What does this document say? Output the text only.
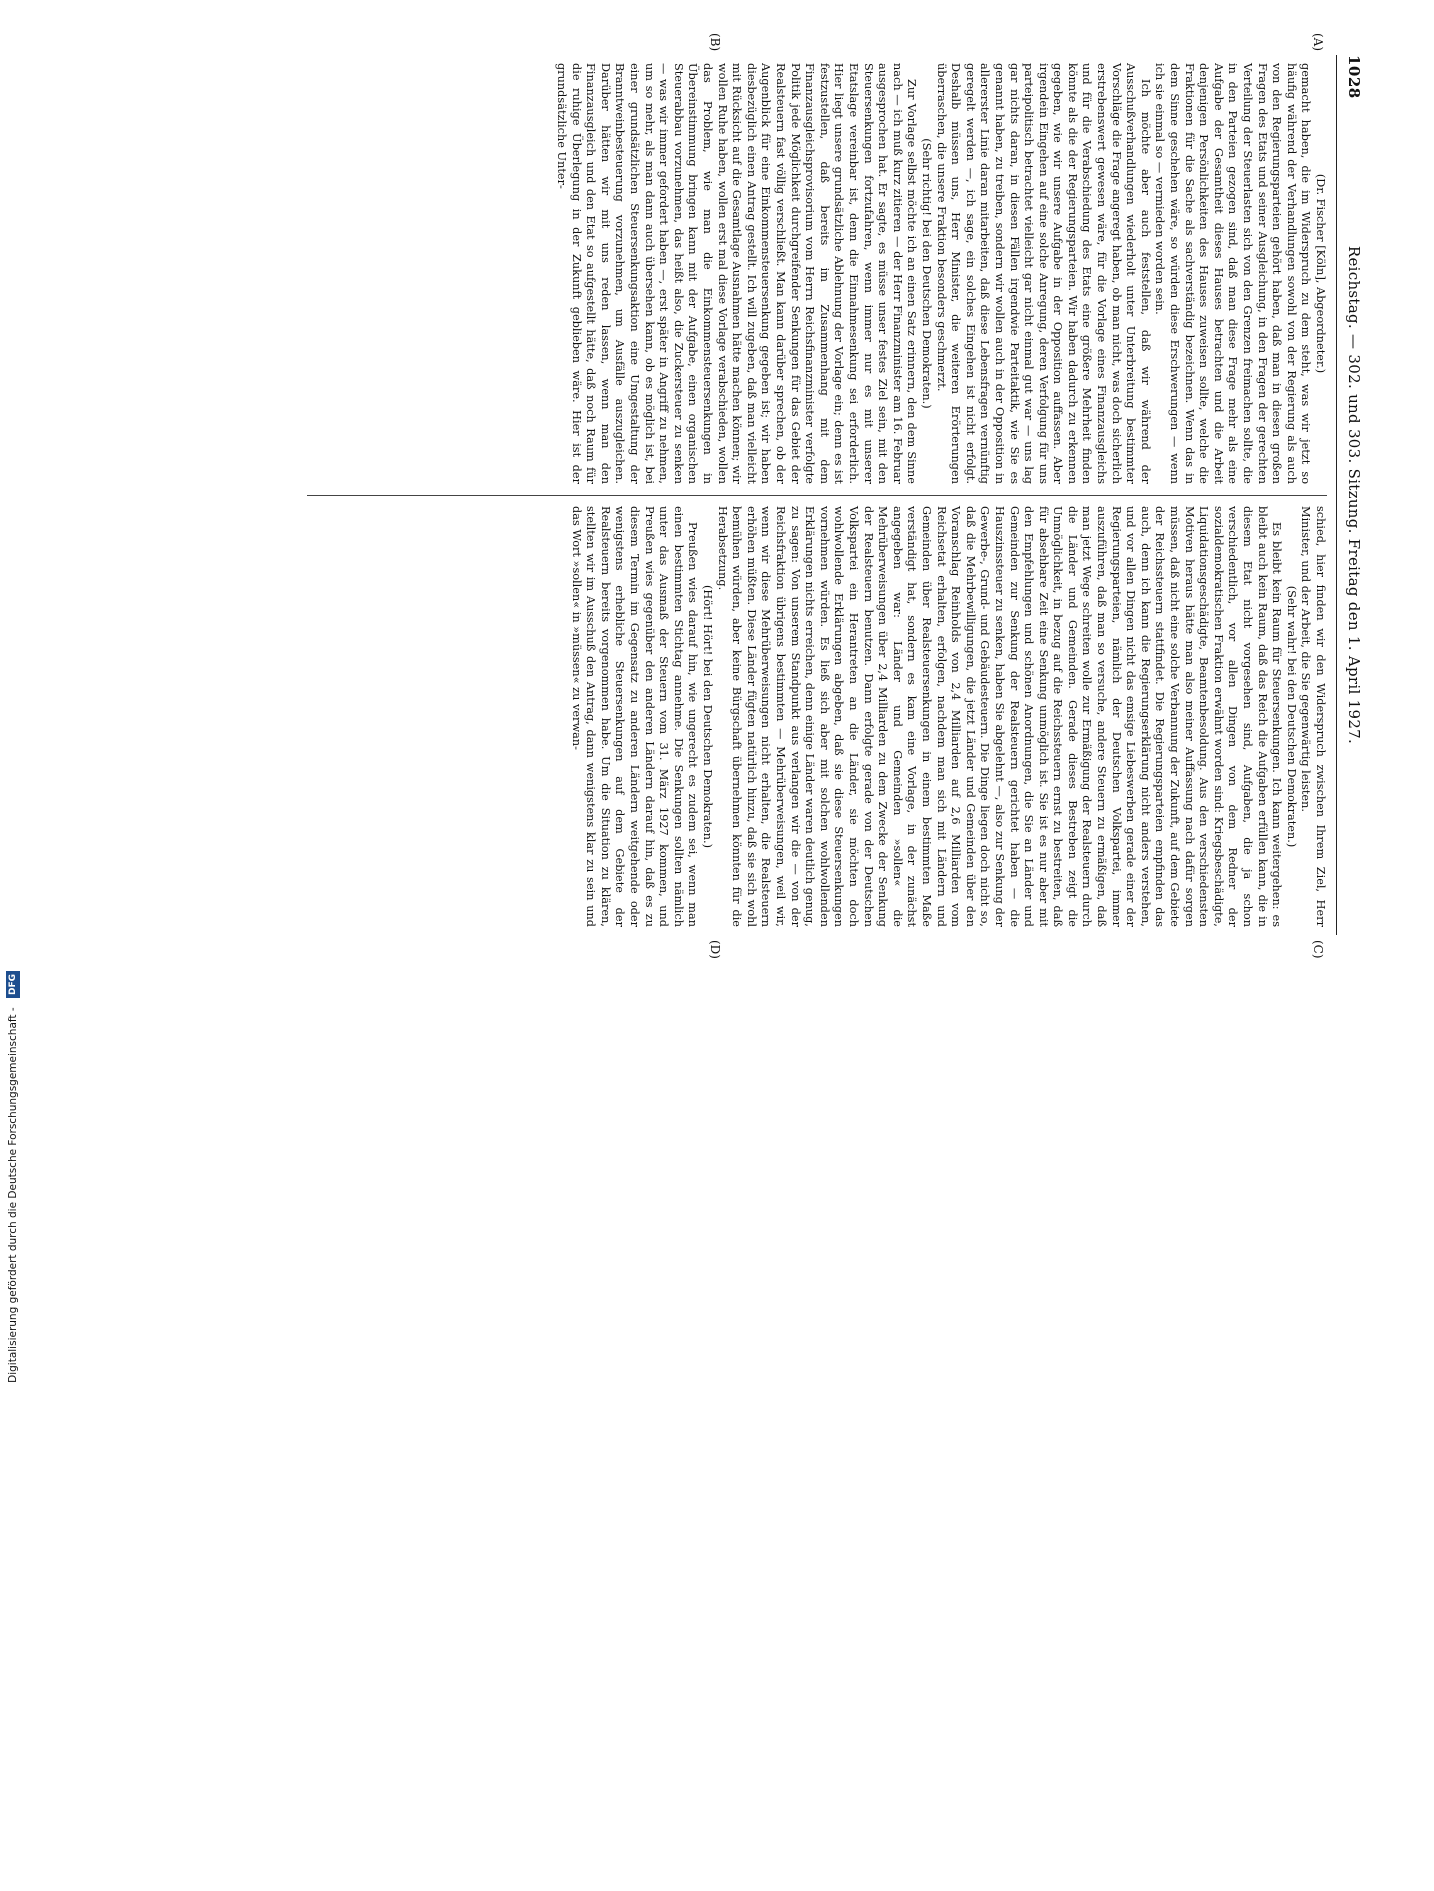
1028
Reichstag. — 302. und 303. Sitzung. Freitag den 1. April 1927.
(A)
(B)
(C)
(D)

(Dr. Fischer [Köln], Abgeordneter.)

gemacht haben, die im Widerspruch zu dem steht, was wir jetzt so häufig während der Verhandlungen sowohl von der Regierung als auch von den Regierungsparteien gehört haben, daß man in diesen großen Fragen des Etats und seiner Ausgleichung, in den Fragen der gerechten Verteilung der Steuerlasten sich von den Grenzen freimachen sollte, die in den Parteien gezogen sind, daß man diese Frage mehr als eine Aufgabe der Gesamtheit dieses Hauses betrachten und die Arbeit denjenigen Persönlichkeiten des Hauses zuweisen sollte, welche die Fraktionen für die Sache als sachverständig bezeichnen. Wenn das in dem Sinne geschehen wäre, so würden diese Erschwerungen — wenn ich sie einmal so — vermieden worden sein.

Ich möchte aber auch feststellen, daß wir während der Ausschußverhandlungen wiederholt unter Unterbreitung bestimmter Vorschläge die Frage angeregt haben, ob man nicht, was doch sicherlich erstrebenswert gewesen wäre, für die Vorlage eines Finanzausgleichs und für die Verabschiedung des Etats eine größere Mehrheit finden könnte als die der Regierungsparteien. Wir haben dadurch zu erkennen gegeben, wie wir unsere Aufgabe in der Opposition auffassen. Aber irgendein Eingehen auf eine solche Anregung, deren Verfolgung für uns parteipolitisch betrachtet vielleicht gar nicht einmal gut war — uns lag gar nichts daran, in diesen Fällen irgendwie Parteitaktik, wie Sie es genannt haben, zu treiben, sondern wir wollen auch in der Opposition in allererster Linie daran mitarbeiten, daß diese Lebensfragen vernünftig geregelt werden —, ich sage, ein solches Eingehen ist nicht erfolgt. Deshalb müssen uns, Herr Minister, die weiteren Erörterungen überraschen, die unsere Fraktion besonders geschmerzt.

(Sehr richtig! bei den Deutschen Demokraten.)

Zur Vorlage selbst möchte ich an einen Satz erinnern, den dem Sinne nach — ich muß kurz zitieren — der Herr Finanzminister am 16. Februar ausgesprochen hat. Er sagte, es müsse unser festes Ziel sein, mit den Steuersenkungen fortzufahren, wenn immer nur es mit unserer Etatslage vereinbar ist, denn die Einnahmesenkung sei erforderlich. Hier liegt unsere grundsätzliche Ablehnung der Vorlage ein; denn es ist festzustellen, daß bereits im Zusammenhang mit dem Finanzausgleichsprovisorium vom Herrn Reichsfinanzminister verfolgte Politik jede Möglichkeit durchgreifender Senkungen für das Gebiet der Realsteuern fast völlig verschließt. Man kann darüber sprechen, ob der Augenblick für eine Einkommensteuersenkung gegeben ist; wir haben diesbezüglich einen Antrag gestellt. Ich will zugeben, daß man vielleicht mit Rücksicht auf die Gesamtlage Ausnahmen hätte machen können; wir wollen Ruhe haben, wollen erst mal diese Vorlage verabschieden, wollen das Problem, wie man die Einkommensteuersenkungen in Übereinstimmung bringen kann mit der Aufgabe, einen organischen Steuerabbau vorzunehmen, das heißt also, die Zuckersteuer zu senken — was wir immer gefordert haben —, erst später in Angriff zu nehmen, um so mehr, als man dann auch übersehen kann, ob es möglich ist, bei einer grundsätzlichen Steuersenkungsaktion eine Umgestaltung der Branntweinbesteuerung vorzunehmen, um Ausfälle auszugleichen. Darüber hätten wir mit uns reden lassen, wenn man den Finanzausgleich und den Etat so aufgestellt hätte, daß noch Raum für die ruhige Überlegung in der Zukunft geblieben wäre. Hier ist der grundsätzliche Unter-

schied, hier finden wir den Widerspruch zwischen Ihrem Ziel, Herr Minister, und der Arbeit, die Sie gegenwärtig leisten.

(Sehr wahr! bei den Deutschen Demokraten.)

Es bleibt kein Raum für Steuersenkungen. Ich kann weitergehen: es bleibt auch kein Raum, daß das Reich die Aufgaben erfüllen kann, die in diesem Etat nicht vorgesehen sind, Aufgaben, die ja schon verschiedentlich, vor allen Dingen von dem Redner der sozialdemokratischen Fraktion erwähnt worden sind: Kriegsbeschädigte, Liquidationsgeschädigte, Beamtenbesoldung. Aus den verschiedensten Motiven heraus hätte man also meiner Auffassung nach dafür sorgen müssen, daß nicht eine solche Verbannung der Zukunft, auf dem Gebiete der Reichssteuern stattfindet. Die Regierungsparteien empfinden das auch, denn ich kann die Regierungserklärung nicht anders verstehen, und vor allen Dingen nicht das emsige Liebeswerben gerade einer der Regierungsparteien, nämlich der Deutschen Volkspartei, immer auszuführen, daß man so versuche, andere Steuern zu ermäßigen, daß man jetzt Wege schreiten wolle zur Ermäßigung der Realsteuern durch die Länder und Gemeinden. Gerade dieses Bestreben zeigt die Unmöglichkeit, in bezug auf die Reichssteuern ernst zu bestreiten, daß für absehbare Zeit eine Senkung unmöglich ist. Sie ist es nur aber mit den Empfehlungen und schönen Anordnungen, die Sie an Länder und Gemeinden zur Senkung der Realsteuern gerichtet haben — die Hauszinssteuer zu senken, haben Sie abgelehnt —, also zur Senkung der Gewerbe-, Grund- und Gebäudesteuern. Die Dinge liegen doch nicht so, daß die Mehrbewilligungen, die jetzt Länder und Gemeinden über den Voranschlag Reinholds von 2,4 Milliarden auf 2,6 Milliarden vom Reichsetat erhalten, erfolgen, nachdem man sich mit Ländern und Gemeinden über Realsteuersenkungen in einem bestimmten Maße verständigt hat, sondern es kam eine Vorlage, in der zunächst angegeben war: Länder und Gemeinden »sollen« die Mehrüberweisungen über 2,4 Milliarden zu dem Zwecke der Senkung der Realsteuern benutzen. Dann erfolgte gerade von der Deutschen Volkspartei ein Herantreten an die Länder, sie möchten doch wohlwollende Erklärungen abgeben, daß sie diese Steuersenkungen vornehmen würden. Es ließ sich aber mit solchen wohlwollenden Erklärungen nichts erreichen, denn einige Länder waren deutlich genug, zu sagen: Von unserem Standpunkt aus verlangen wir die — von der Reichsfraktion übrigens bestimmten — Mehrüberweisungen, weil wir, wenn wir diese Mehrüberweisungen nicht erhalten, die Realsteuern erhöhen müßten. Diese Länder fügten natürlich hinzu, daß sie sich wohl bemühen würden, aber keine Bürgschaft übernehmen könnten für die Herabsetzung.

(Hört! Hört! bei den Deutschen Demokraten.)

Preußen wies darauf hin, wie ungerecht es zudem sei, wenn man einen bestimmten Stichtag annehme. Die Senkungen sollten nämlich unter das Ausmaß der Steuern vom 31. März 1927 kommen, und Preußen wies gegenüber den anderen Ländern darauf hin, daß es zu diesem Termin im Gegensatz zu anderen Ländern weitgehende oder wenigstens erhebliche Steuersenkungen auf dem Gebiete der Realsteuern bereits vorgenommen habe. Um die Situation zu klären, stellten wir im Ausschuß den Antrag, dann wenigstens klar zu sein und das Wort »sollen« in »müssen« zu verwan-

Digitalisierung gefördert durch die Deutsche Forschungsgemeinschaft - DFG
